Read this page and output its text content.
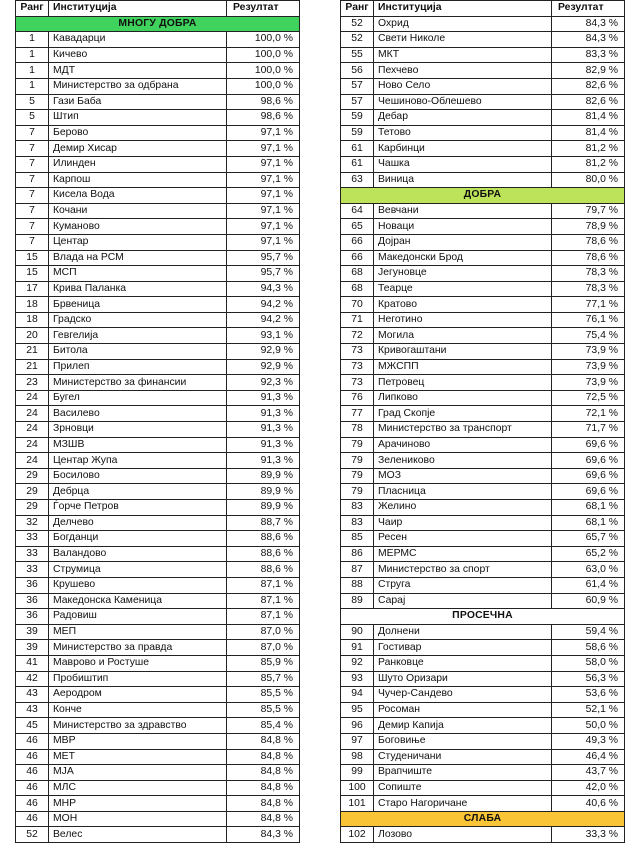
Ранг	Институција	Резултат
МНОГУ ДОБРА		
1	Кавадарци	100,0 %
1	Кичево	100,0 %
1	МДТ	100,0 %
1	Министерство за одбрана	100,0 %
5	Гази Баба	98,6 %
5	Штип	98,6 %
7	Берово	97,1 %
7	Демир Хисар	97,1 %
7	Илинден	97,1 %
7	Карпош	97,1 %
7	Кисела Вода	97,1 %
7	Кочани	97,1 %
7	Куманово	97,1 %
7	Центар	97,1 %
15	Влада на РСМ	95,7 %
15	МСП	95,7 %
17	Крива Паланка	94,3 %
18	Брвеница	94,2 %
18	Градско	94,2 %
20	Гевгелија	93,1 %
21	Битола	92,9 %
21	Прилеп	92,9 %
23	Министерство за финансии	92,3 %
24	Бугел	91,3 %
24	Василево	91,3 %
24	Зрновци	91,3 %
24	МЗШВ	91,3 %
24	Центар Жупа	91,3 %
29	Босилово	89,9 %
29	Дебрца	89,9 %
29	Ѓорче Петров	89,9 %
32	Делчево	88,7 %
33	Богданци	88,6 %
33	Валандово	88,6 %
33	Струмица	88,6 %
36	Крушево	87,1 %
36	Македонска Каменица	87,1 %
36	Радовиш	87,1 %
39	МЕП	87,0 %
39	Министерство за правда	87,0 %
41	Маврово и Ростуше	85,9 %
42	Пробиштип	85,7 %
43	Аеродром	85,5 %
43	Конче	85,5 %
45	Министерство за здравство	85,4 %
46	МВР	84,8 %
46	МЕТ	84,8 %
46	МЈА	84,8 %
46	МЛС	84,8 %
46	МНР	84,8 %
46	МОН	84,8 %
52	Велес	84,3 %
Ранг	Институција	Резултат
52	Охрид	84,3 %
52	Свети Николе	84,3 %
55	МКТ	83,3 %
56	Пехчево	82,9 %
57	Ново Село	82,6 %
57	Чешиново-Облешево	82,6 %
59	Дебар	81,4 %
59	Тетово	81,4 %
61	Карбинци	81,2 %
61	Чашка	81,2 %
63	Виница	80,0 %
ДОБРА		
64	Вевчани	79,7 %
65	Новаци	78,9 %
66	Дојран	78,6 %
66	Македонски Брод	78,6 %
68	Јегуновце	78,3 %
68	Теарце	78,3 %
70	Кратово	77,1 %
71	Неготино	76,1 %
72	Могила	75,4 %
73	Кривогаштани	73,9 %
73	МЖСПП	73,9 %
73	Петровец	73,9 %
76	Липково	72,5 %
77	Град Скопје	72,1 %
78	Министерство за транспорт	71,7 %
79	Арачиново	69,6 %
79	Зелениково	69,6 %
79	МОЗ	69,6 %
79	Пласница	69,6 %
83	Желино	68,1 %
83	Чаир	68,1 %
85	Ресен	65,7 %
86	МЕРМС	65,2 %
87	Министерство за спорт	63,0 %
88	Струга	61,4 %
89	Сарај	60,9 %
ПРОСЕЧНА		
90	Долнени	59,4 %
91	Гостивар	58,6 %
92	Ранковце	58,0 %
93	Шуто Оризари	56,3 %
94	Чучер-Сандево	53,6 %
95	Росоман	52,1 %
96	Демир Капија	50,0 %
97	Боговиње	49,3 %
98	Студеничани	46,4 %
99	Врапчиште	43,7 %
100	Сопиште	42,0 %
101	Старо Нагоричане	40,6 %
СЛАБА		
102	Лозово	33,3 %
